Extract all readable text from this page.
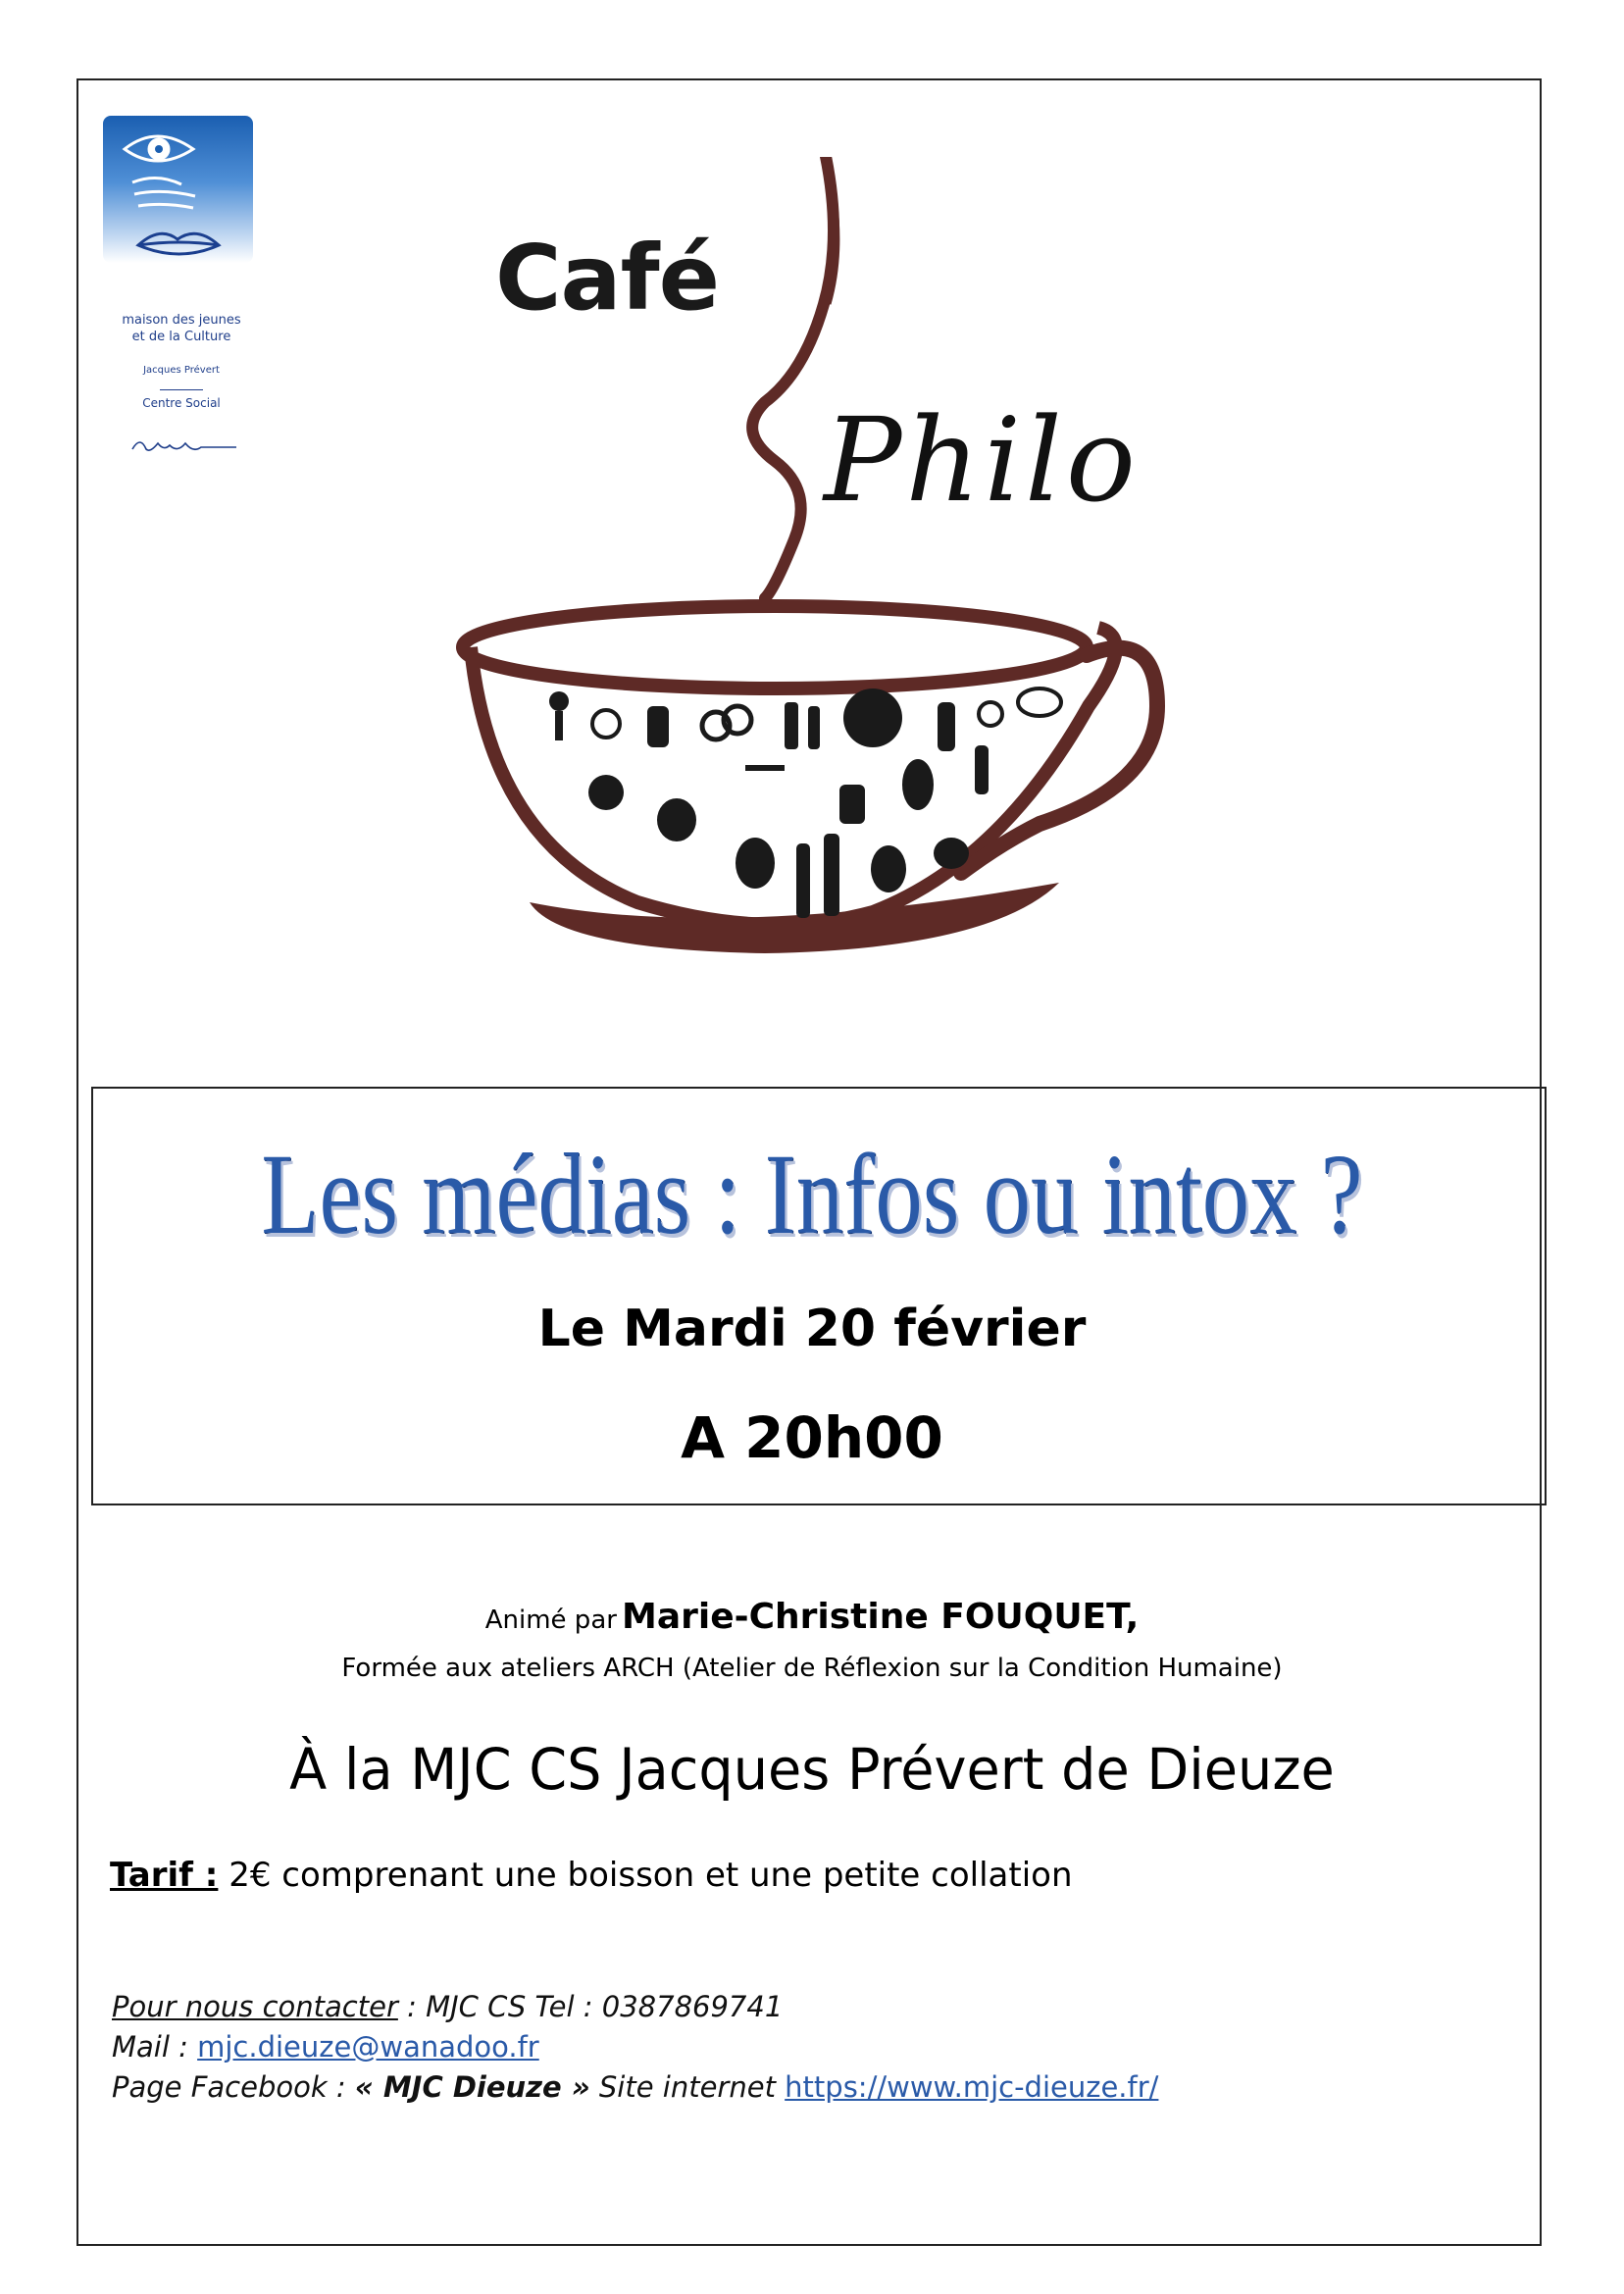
maison des jeunes
et de la Culture
Jacques Prévert
Centre Social
Café
Philo
Les médias : Infos ou intox ?
Le Mardi 20 février
A 20h00
Animé par Marie-Christine FOUQUET,
Formée aux ateliers ARCH (Atelier de Réflexion sur la Condition Humaine)
À la MJC CS Jacques Prévert de Dieuze
Tarif : 2€ comprenant une boisson et une petite collation
Pour nous contacter : MJC CS Tel : 0387869741
Mail : mjc.dieuze@wanadoo.fr
Page Facebook : « MJC Dieuze » Site internet https://www.mjc-dieuze.fr/
